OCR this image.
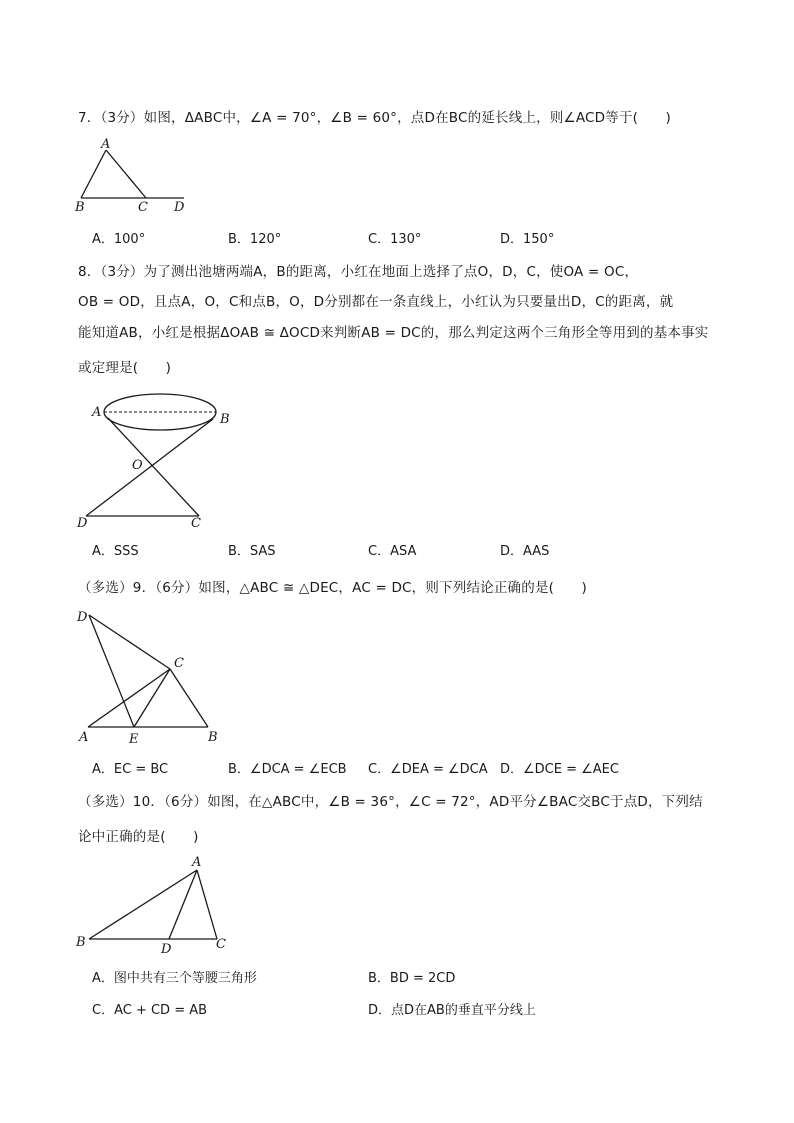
7．（3分）如图，ΔABC中，∠A = 70°，∠B = 60°，点D在BC的延长线上，则∠ACD等于(　　)
A
B	C D
A．100°	B．120°	C．130°	D．150°
8．（3分）为了测出池塘两端A，B的距离，小红在地面上选择了点O，D，C，使OA = OC，
OB = OD，且点A，O，C和点B，O，D分别都在一条直线上，小红认为只要量出D，C的距离，就
能知道AB，小红是根据ΔOAB ≅ ΔOCD来判断AB = DC的，那么判定这两个三角形全等用到的基本事实
或定理是(　　)
A	B
O
D	C
A．SSS	B．SAS	C．ASA	D．AAS
（多选）9．（6分）如图，△ABC ≅ △DEC，AC = DC，则下列结论正确的是(　　)
D
C
A	E	B
A．EC = BC	B．∠DCA = ∠ECB C．∠DEA = ∠DCA D．∠DCE = ∠AEC
（多选）10．（6分）如图，在△ABC中，∠B = 36°，∠C = 72°，AD平分∠BAC交BC于点D，下列结
论中正确的是(　　)
A
B	D	C
A．图中共有三个等腰三角形	B．BD = 2CD
C．AC + CD = AB	D．点D在AB的垂直平分线上
